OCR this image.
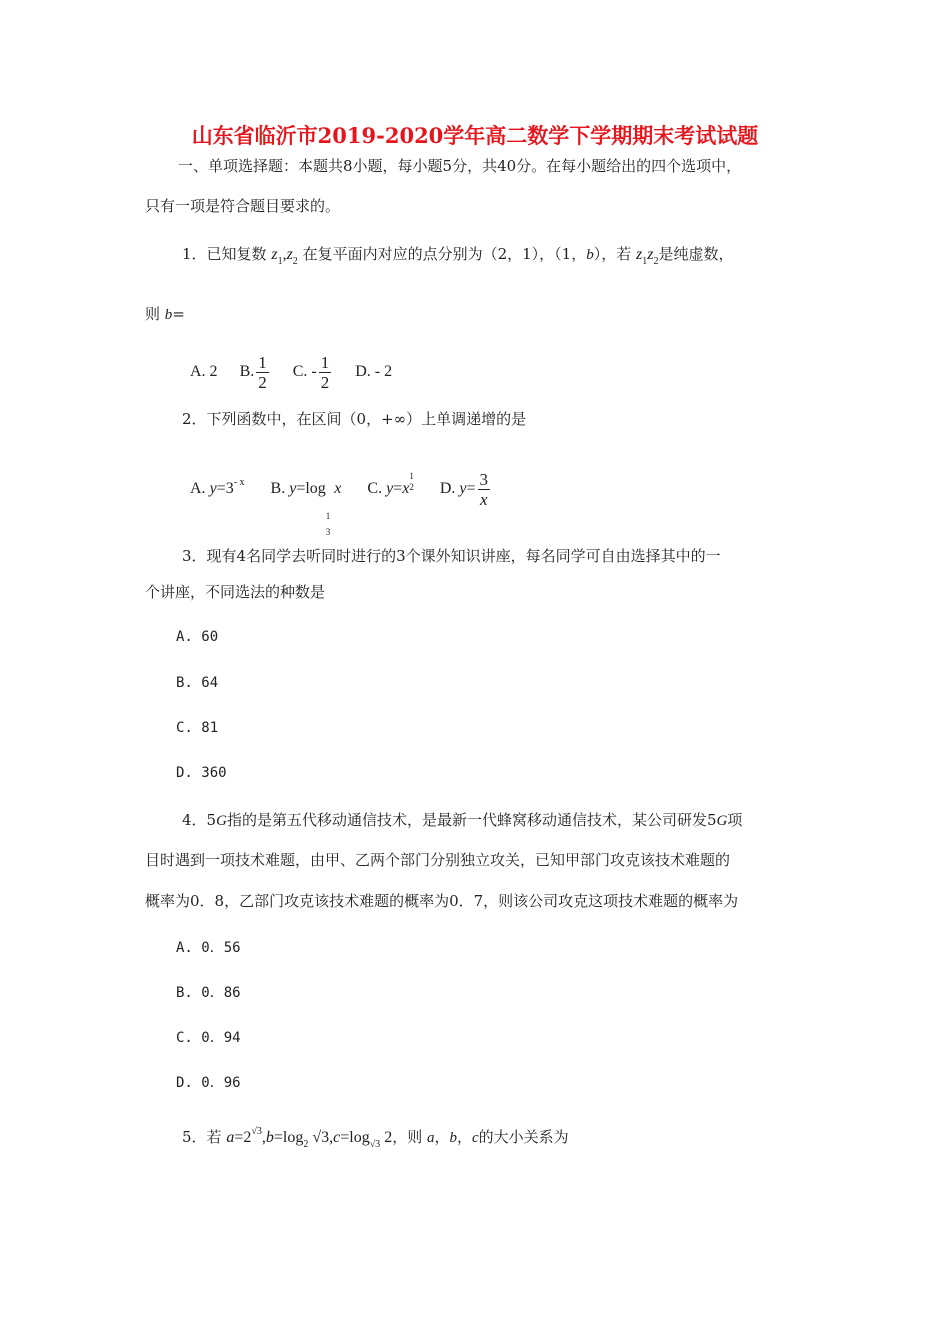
山东省临沂市2019-2020学年高二数学下学期期末考试试题
一、单项选择题：本题共8小题，每小题5分，共40分。在每小题给出的四个选项中，
只有一项是符合题目要求的。
1．已知复数 $z_1,z_2$ 在复平面内对应的点分别为（2，1），（1，b），若 $z_1z_2$是纯虚数，
则 b=
A. 2 B. $\frac{1}{2} C$. - $\frac{1}{2} D$. - 2
2．下列函数中，在区间（0，+∞）上单调递增的是
A. $y=3^{- x}$ B. y=log
1
3
x C. y=x
1
2 D. $y= \frac{3}{x}$
3．现有4名同学去听同时进行的3个课外知识讲座，每名同学可自由选择其中的一
个讲座，不同选法的种数是
A. 60
B. 64
C. 81
D. 360
4．5G指的是第五代移动通信技术，是最新一代蜂窝移动通信技术，某公司研发5G项
目时遇到一项技术难题，由甲、乙两个部门分别独立攻关，已知甲部门攻克该技术难题的
概率为0．8，乙部门攻克该技术难题的概率为0．7，则该公司攻克这项技术难题的概率为
A. 0．56
B. 0．86
C. 0．94
D. 0．96
5．若 $a=2^{√3},b=\log_2$ $√3,c=\log_{√3}$ 2，则 a，b，c的大小关系为
